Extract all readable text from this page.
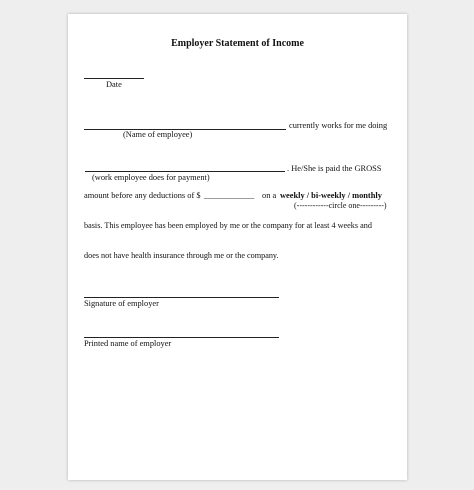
Employer Statement of Income
Date
currently works for me doing
(Name of employee)
. He/She is paid the GROSS
(work employee does for payment)
amount before any deductions of $ ____________ on a weekly / bi-weekly / monthly
(------------circle one---------)
basis. This employee has been employed by me or the company for at least 4 weeks and
does not have health insurance through me or the company.
Signature of employer
Printed name of employer
